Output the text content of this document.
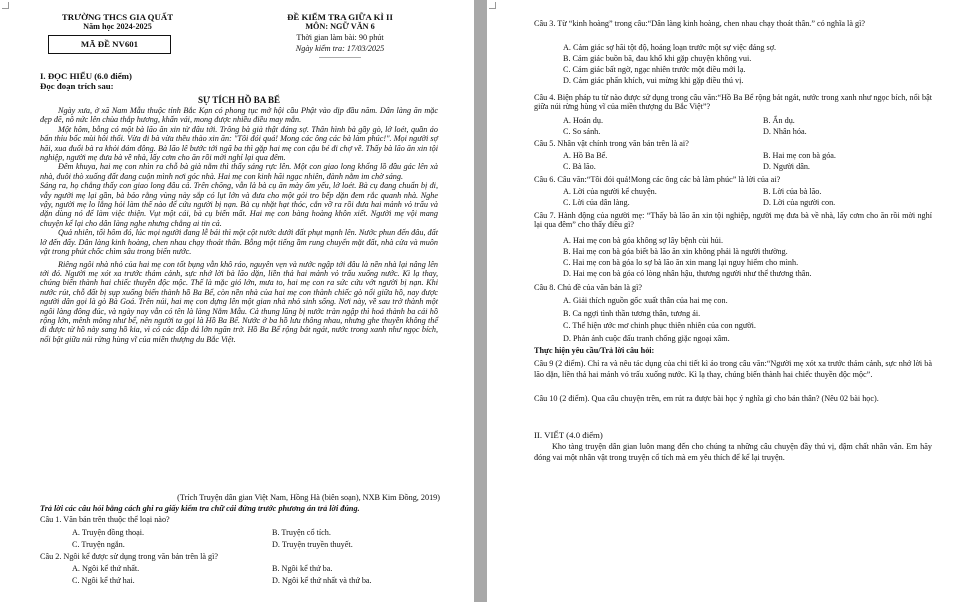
TRƯỜNG THCS GIA QUẤT
Năm học 2024-2025
MÃ ĐỀ NV601
ĐỀ KIỂM TRA GIỮA KÌ II
MÔN: NGỮ VĂN 6
Thời gian làm bài: 90 phút
Ngày kiểm tra: 17/03/2025
---------------------
I. ĐỌC HIỂU (6.0 điểm)
Đọc đoạn trích sau:
SỰ TÍCH HỒ BA BỂ

Ngày xưa, ở xã Nam Mẫu thuộc tỉnh Bắc Kạn có phong tục mở hội cầu Phật vào dịp đầu năm. Dân làng ăn mặc đẹp đẽ, nô nức lên chùa thắp hương, khấn vái, mong được nhiều điều may mắn.

Một hôm, bỗng có một bà lão ăn xin từ đâu tới. Trông bà già thật đáng sợ. Thân hình bà gầy gò, lở loét, quần áo bẩn thỉu bốc mùi hôi thối. Vừa đi bà vừa thều thào xin ăn: "Tôi đói quá! Mong các ông các bà làm phúc!". Mọi người sợ hãi, xua đuổi bà ra khỏi đám đông. Bà lão lê bước tới ngã ba thì gặp hai mẹ con cậu bé đi chợ về. Thấy bà lão ăn xin tội nghiệp, người mẹ đưa bà về nhà, lấy cơm cho ăn rồi mời nghỉ lại qua đêm.

Đêm khuya, hai mẹ con nhìn ra chỗ bà già nằm thì thấy sáng rực lên. Một con giao long khổng lồ đầu gác lên xà nhà, đuôi thò xuống đất đang cuộn mình nơi góc nhà. Hai mẹ con kinh hãi ngạc nhiên, đành nằm im chờ sáng.

Sáng ra, họ chẳng thấy con giao long đâu cả. Trên chõng, vẫn là bà cụ ăn mày ốm yếu, lở loét. Bà cụ đang chuẩn bị đi, vẫy người mẹ lại gần, bà bảo rằng vùng này sắp có lụt lớn và đưa cho một gói tro bếp dặn đem rắc quanh nhà. Nghe vậy, người mẹ lo lắng hỏi làm thế nào để cứu người bị nạn. Bà cụ nhặt hạt thóc, cắn vỡ ra rồi đưa hai mảnh vỏ trấu và dặn dùng nó để làm việc thiện. Vụt một cái, bà cụ biến mất. Hai mẹ con bàng hoàng khôn xiết. Người mẹ vội mang chuyện kể lại cho dân làng nghe nhưng chẳng ai tin cả.

Quả nhiên, tối hôm đó, lúc mọi người đang lễ bái thì một cột nước dưới đất phụt mạnh lên. Nước phun đến đâu, đất lở đến đấy. Dân làng kinh hoàng, chen nhau chạy thoát thân. Bỗng một tiếng ầm rung chuyển mặt đất, nhà cửa và muôn vật trong phút chốc chìm sâu trong biển nước.

Riêng ngôi nhà nhỏ của hai mẹ con tốt bụng vẫn khô ráo, nguyên vẹn và nước ngập tới đâu là nền nhà lại nâng lên tới đó. Người mẹ xót xa trước thảm cảnh, sực nhớ lời bà lão dặn, liền thả hai mảnh vỏ trấu xuống nước. Kì lạ thay, chúng biến thành hai chiếc thuyền độc mộc. Thế là mặc gió lớn, mưa to, hai mẹ con ra sức cứu vớt người bị nạn. Khi nước rút, chỗ đất bị sụp xuống biến thành hồ Ba Bể, còn nền nhà của hai mẹ con thành chiếc gò nổi giữa hồ, nay được người dân gọi là gò Bà Goá. Trên núi, hai mẹ con dựng lên một gian nhà nhỏ sinh sống. Nơi này, về sau trở thành một ngôi làng đông đúc, và ngày nay vẫn có tên là làng Nằm Mẫu. Cả thung lũng bị nước tràn ngập thì hoá thành ba cái hồ rộng lớn, mênh mông như bể, nên người ta gọi là Hồ Ba Bể. Nước ở ba hồ lưu thông nhau, nhưng ghe thuyền không thể đi được từ hồ này sang hồ kia, vì có các đập đá lớn ngăn trở. Hồ Ba Bể rộng bát ngát, nước trong xanh như ngọc bích, nổi bật giữa núi rừng hùng vĩ của miền thượng du Bắc Việt.

(Trích Truyện dân gian Việt Nam, Hồng Hà (biên soạn), NXB Kim Đồng, 2019)
Trả lời các câu hỏi bằng cách ghi ra giấy kiểm tra chữ cái đứng trước phương án trả lời đúng.
Câu 1. Văn bản trên thuộc thể loại nào?
A. Truyện đồng thoại.	B. Truyện cổ tích.
C. Truyện ngắn.	D. Truyện truyền thuyết.
Câu 2. Ngôi kể được sử dụng trong văn bản trên là gì?
A. Ngôi kể thứ nhất.	B. Ngôi kể thứ ba.
C. Ngôi kể thứ hai.	D. Ngôi kể thứ nhất và thứ ba.

Câu 3. Từ “kinh hoàng” trong câu:“Dân làng kinh hoàng, chen nhau chạy thoát thân.” có nghĩa là gì?

A. Cảm giác sợ hãi tột độ, hoảng loạn trước một sự việc đáng sợ.
B. Cảm giác buồn bã, đau khổ khi gặp chuyện không vui.
C. Cảm giác bất ngờ, ngạc nhiên trước một điều mới lạ.
D. Cảm giác phấn khích, vui mừng khi gặp điều thú vị.

Câu 4. Biện pháp tu từ nào được sử dụng trong câu văn:“Hồ Ba Bể rộng bát ngát, nước trong xanh như ngọc bích, nổi bật giữa núi rừng hùng vĩ của miền thượng du Bắc Việt”?

A. Hoán dụ.	B. Ẩn dụ.
C. So sánh.	D. Nhân hóa.
Câu 5. Nhân vật chính trong văn bản trên là ai?
A. Hồ Ba Bể.	B. Hai mẹ con bà góa.
C. Bà lão.	D. Người dân.
Câu 6. Câu văn:“Tôi đói quá!Mong các ông các bà làm phúc” là lời của ai?
A. Lời của người kể chuyện.	B. Lời của bà lão.
C. Lời của dân làng.	D. Lời của người con.

Câu 7. Hành động của người mẹ: “Thấy bà lão ăn xin tội nghiệp, người mẹ đưa bà về nhà, lấy cơm cho ăn rồi mời nghỉ lại qua đêm” cho thấy điều gì?

A. Hai mẹ con bà góa không sợ lây bệnh cùi hủi.
B. Hai mẹ con bà góa biết bà lão ăn xin không phải là người thường.
C. Hai mẹ con bà góa lo sợ bà lão ăn xin mang lại nguy hiểm cho mình.
D. Hai mẹ con bà góa có lòng nhân hậu, thương người như thể thương thân.
Câu 8. Chủ đề của văn bản là gì?
A. Giải thích nguồn gốc xuất thân của hai mẹ con.
B. Ca ngợi tình thần tương thân, tương ái.
C. Thể hiện ước mơ chinh phục thiên nhiên của con người.
D. Phản ánh cuộc đấu tranh chống giặc ngoại xâm.
Thực hiện yêu cầu/Trả lời câu hỏi:

Câu 9 (2 điểm). Chỉ ra và nêu tác dụng của chi tiết kì ảo trong câu văn:“Người mẹ xót xa trước thảm cảnh, sực nhớ lời bà lão dặn, liền thả hai mảnh vỏ trấu xuống nước. Kì lạ thay, chúng biến thành hai chiếc thuyền độc mộc”.

Câu 10 (2 điểm). Qua câu chuyện trên, em rút ra được bài học ý nghĩa gì cho bản thân? (Nêu 02 bài học).

II. VIẾT (4.0 điểm)

Kho tàng truyện dân gian luôn mang đến cho chúng ta những câu chuyện đầy thú vị, đậm chất nhân văn. Em hãy đóng vai một nhân vật trong truyện cổ tích mà em yêu thích để kể lại truyện.
